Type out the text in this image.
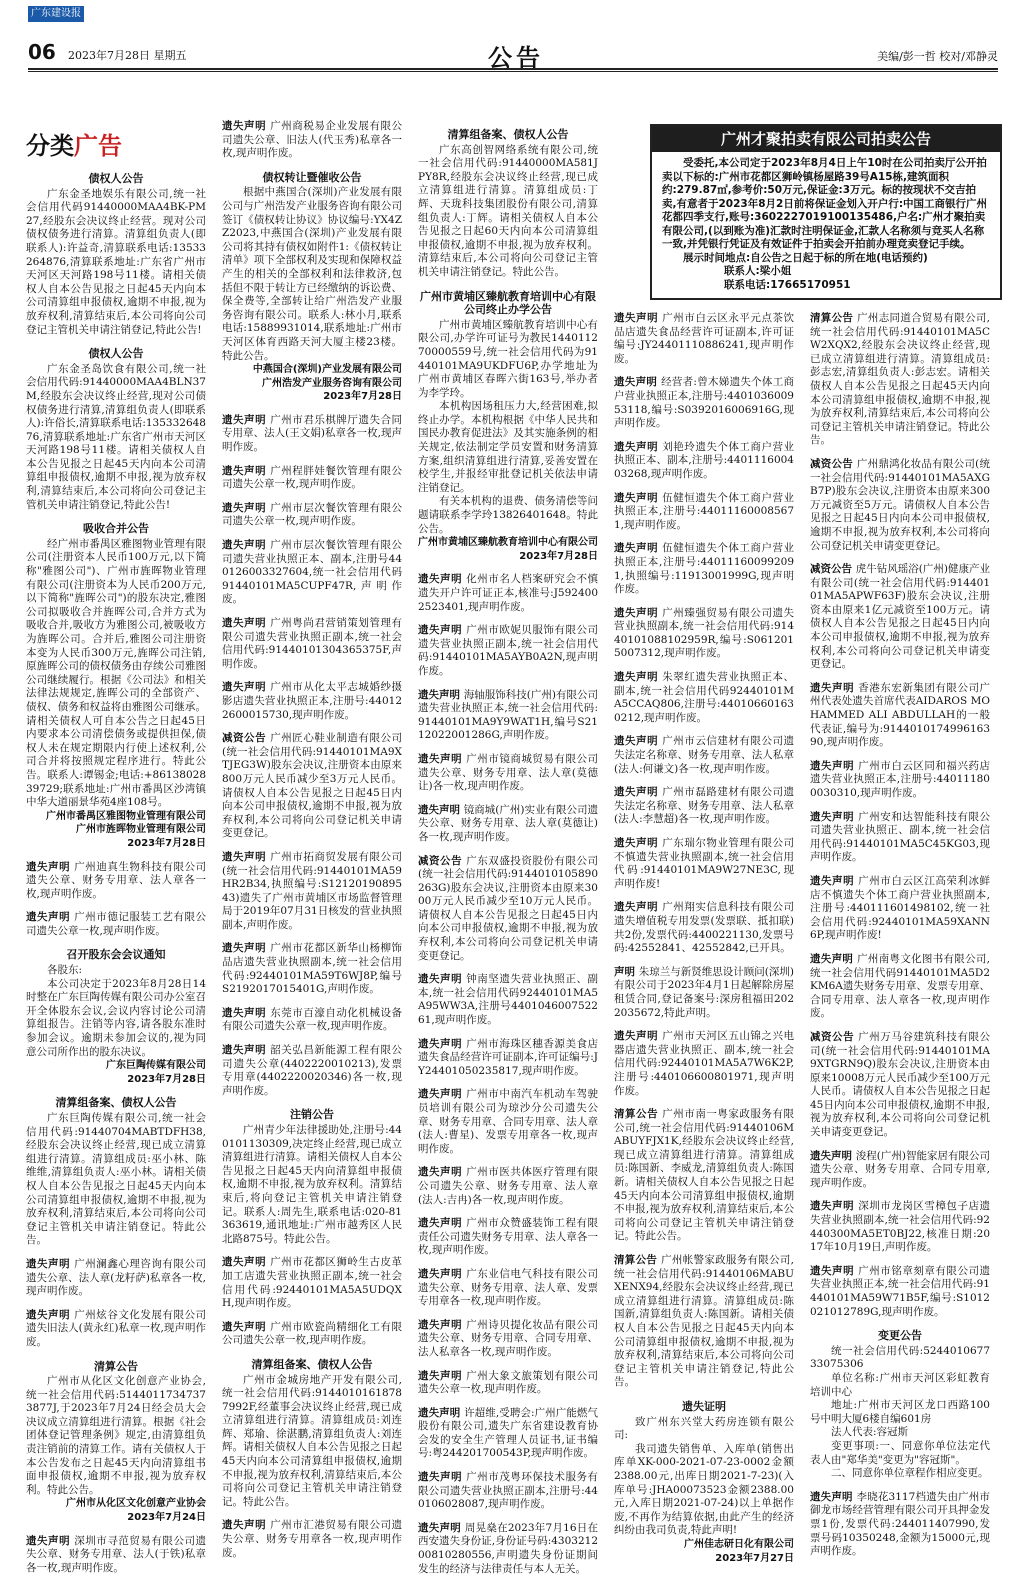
广东建设报
06 2023年7月28日 星期五	公告	美编/彭一哲 校对/邓静灵
分类广告	广州才聚拍卖有限公司拍卖公告

受委托,本公司定于2023年8月4日上午10时在公司拍卖厅公开拍卖以下标的:广州市花都区狮岭镇杨屋路39号A15栋,建筑面积约:279.87㎡,参考价:50万元,保证金:3万元。标的按现状不交吉拍卖,有意者于2023年8月2日前将保证金划入开户行:中国工商银行广州花都四季支行,账号:3602227019100135486,户名:广州才聚拍卖有限公司,(以到账为准)汇款时注明保证金,汇款人名称须与竞买人名称一致,并凭银行凭证及有效证件于拍卖会开拍前办理竞卖登记手续。

展示时间地点:自公告之日起于标的所在地(电话预约)

联系人:梁小姐
联系电话:17665170951
债权人公告

广东金圣地娱乐有限公司,统一社会信用代码91440000MAA4BK-PM27,经股东会决议终止经营。现对公司债权债务进行清算。清算组负责人(即联系人):许益奇,清算联系电话:13533264876,清算联系地址:广东省广州市天河区天河路198号11楼。请相关债权人自本公告见报之日起45天内向本公司清算组申报债权,逾期不申报,视为放弃权利,清算结束后,本公司将向公司登记主管机关申请注销登记,特此公告!

债权人公告

广东金圣岛饮食有限公司,统一社会信用代码:91440000MAA4BLN37M,经股东会决议终止经营,现对公司债权债务进行清算,清算组负责人(即联系人):许俗长,清算联系电话:13533264876,清算联系地址:广东省广州市天河区天河路198号11楼。请相关债权人自本公告见报之日起45天内向本公司清算组申报债权,逾期不申报,视为放弃权利,清算结束后,本公司将向公司登记主管机关申请注销登记,特此公告!

吸收合并公告

经广州市番禺区雅图物业管理有限公司(注册资本人民币100万元,以下简称"雅图公司")、广州市旌晖物业管理有限公司(注册资本为人民币200万元,以下简称"旌晖公司")的股东决定,雅图公司拟吸收合并旌晖公司,合并方式为吸收合并,吸收方为雅图公司,被吸收方为旌晖公司。合并后,雅图公司注册资本变为人民币300万元,旌晖公司注销,原旌晖公司的债权债务由存续公司雅图公司继续履行。根据《公司法》和相关法律法规规定,旌晖公司的全部资产、债权、债务和权益将由雅图公司继承。请相关债权人可自本公告之日起45日内要求本公司清偿债务或提供担保,债权人未在规定期限内行使上述权利,公司合并将按照规定程序进行。特此公告。联系人:谭锡金;电话:+8613802839729;联系地址:广州市番禺区沙湾镇中华大道丽景华苑4座108号。

广州市番禺区雅图物业管理有限公司

广州市旌晖物业管理有限公司

2023年7月28日

遗失声明 广州迪真生物科技有限公司遗失公章、财务专用章、法人章各一枚,现声明作废。

遗失声明 广州市德记服装工艺有限公司遗失公章一枚,现声明作废。

召开股东会会议通知

各股东:

本公司决定于2023年8月28日14时整在广东巨陶传媒有限公司办公室召开全体股东会议,会议内容讨论公司清算组报告。注销等内容,请各股东准时参加会议。逾期未参加会议的,视为同意公司所作出的股东决议。

广东巨陶传媒有限公司

2023年7月28日

清算组备案、债权人公告

广东巨陶传媒有限公司,统一社会信用代码:91440704MABTDFH38,经股东会决议终止经营,现已成立清算组进行清算。清算组成员:巫小林、陈维维,清算组负责人:巫小林。请相关债权人自本公告见报之日起45天内向本公司清算组申报债权,逾期不申报,视为放弃权利,清算结束后,本公司将向公司登记主管机关申请注销登记。特此公告。

遗失声明 广州澜鑫心理咨询有限公司遗失公章、法人章(龙籽萨)私章各一枚,现声明作废。

遗失声明 广州炫谷文化发展有限公司遗失旧法人(黄永红)私章一枚,现声明作废。

清算公告

广州市从化区文化创意产业协会,统一社会信用代码:51440117347373877J,于2023年7月24日经会员大会决议成立清算组进行清算。根据《社会团体登记管理条例》规定,由清算组负责注销前的清算工作。请有关债权人于本公告发布之日起45天内向清算组书面申报债权,逾期不申报,视为放弃权利。特此公告。

广州市从化区文化创意产业协会

2023年7月24日

遗失声明 深圳市寻范贸易有限公司遗失公章、财务专用章、法人(于铁)私章各一枚,现声明作废。

遗失声明 广州商税易企业发展有限公司遗失公章、旧法人(代玉秀)私章各一枚,现声明作废。

债权转让暨催收公告

根据中燕国合(深圳)产业发展有限公司与广州浩发产业服务咨询有限公司签订《债权转让协议》协议编号:YX4ZZ2023,中燕国合(深圳)产业发展有限公司将其持有债权如附件1:《债权转让清单》项下全部权利及实现和保障权益产生的相关的全部权利和法律救济,包括但不限于转让方已经缴纳的诉讼费、保全费等,全部转让给广州浩发产业服务咨询有限公司。联系人:林小月,联系电话:15889931014,联系地址:广州市天河区体育西路天河大厦主楼23楼。特此公告。

中燕国合(深圳)产业发展有限公司

广州浩发产业服务咨询有限公司

2023年7月28日

遗失声明 广州市君乐棋牌厅遗失合同专用章、法人(王文娟)私章各一枚,现声明作废。

遗失声明 广州程胖娃餐饮管理有限公司遗失公章一枚,现声明作废。

遗失声明 广州市层次餐饮管理有限公司遗失公章一枚,现声明作废。

遗失声明 广州市层次餐饮管理有限公司遗失营业执照正本、副本,注册号440126003327604,统一社会信用代码91440101MA5CUPF47R,声明作废。

遗失声明 广州粤尚君营销策划管理有限公司遗失营业执照正副本,统一社会信用代码:91440101304365375F,声明作废。

遗失声明 广州市从化太平志城婚纱摄影店遗失营业执照正本,注册号:440122600015730,现声明作废。

减资公告 广州匠心鞋业制造有限公司(统一社会信用代码:91440101MA9XTJEG3W)股东会决议,注册资本由原来800万元人民币减少至3万元人民币。请债权人自本公告见报之日起45日内向本公司申报债权,逾期不申报,视为放弃权利,本公司将向公司登记机关申请变更登记。

遗失声明 广州市拓商贸发展有限公司(统一社会信用代码:91440101MA59HR2B34,执照编号:S1212019089543)遗失了广州市黄埔区市场监督管理局于2019年07月31日核发的营业执照副本,声明作废。

遗失声明 广州市花都区新华山杨柳饰品店遗失营业执照副本,统一社会信用代码:92440101MA59T6WJ8P,编号S2192017015401G,声明作废。

遗失声明 东莞市百濠自动化机械设备有限公司遗失公章一枚,现声明作废。

遗失声明 韶关弘昌新能源工程有限公司遗失公章(4402220010213),发票专用章(4402220020346)各一枚,现声明作废。

注销公告

广州青少年法律援助处,注册号:440101130309,决定终止经营,现已成立清算组进行清算。请相关债权人自本公告见报之日起45天内向清算组申报债权,逾期不申报,视为放弃权利。清算结束后,将向登记主管机关申请注销登记。联系人:周先生,联系电话:020-81363619,通讯地址:广州市越秀区人民北路875号。特此公告。

遗失声明 广州市花都区狮岭生古皮革加工店遗失营业执照正副本,统一社会信用代码:92440101MA5A5UDQXH,现声明作废。

遗失声明 广州市欧瓷尚精细化工有限公司遗失公章一枚,现声明作废。

清算组备案、债权人公告

广州市金城房地产开发有限公司,统一社会信用代码:91440101618787992F,经董事会决议终止经营,现已成立清算组进行清算。清算组成员:刘连辉、郑瑜、徐湛鹏,清算组负责人:刘连辉。请相关债权人自本公告见报之日起45天内向本公司清算组申报债权,逾期不申报,视为放弃权利,清算结束后,本公司将向公司登记主管机关申请注销登记。特此公告。

遗失声明 广州市汇港贸易有限公司遗失公章、财务专用章各一枚,现声明作废。

清算组备案、债权人公告

广东高创智网络系统有限公司,统一社会信用代码:91440000MA581JPY8R,经股东会决议终止经营,现已成立清算组进行清算。清算组成员:丁辉、天珑科技集团股份有限公司,清算组负责人:丁辉。请相关债权人自本公告见报之日起60天内向本公司清算组申报债权,逾期不申报,视为放弃权利。清算结束后,本公司将向公司登记主管机关申请注销登记。特此公告。

广州市黄埔区臻航教育培训中心有限公司终止办学公告

广州市黄埔区臻航教育培训中心有限公司,办学许可证号为教民144011270000559号,统一社会信用代码为91440101MA9UKDFU6P,办学地址为广州市黄埔区春晖六街163号,举办者为李学玲。

本机构因场租压力大,经营困难,拟终止办学。本机构根据《中华人民共和国民办教育促进法》及其实施条例的相关规定,依法制定学员安置和财务清算方案,组织清算组进行清算,妥善安置在校学生,并报经审批登记机关依法申请注销登记。

有关本机构的退费、债务清偿等问题请联系李学玲13826401648。特此公告。

广州市黄埔区臻航教育培训中心有限公司

2023年7月28日

遗失声明 化州市名人档案研究会不慎遗失开户许可证正本,核准号:J5924002523401,现声明作废。

遗失声明 广州市欧妮贝服饰有限公司遗失营业执照正副本,统一社会信用代码:91440101MA5AYB0A2N,现声明作废。

遗失声明 海轴服饰科技(广州)有限公司遗失营业执照正本,统一社会信用代码:91440101MA9Y9WAT1H,编号S2112022001286G,声明作废。

遗失声明 广州市镜商城贸易有限公司遗失公章、财务专用章、法人章(莫德让)各一枚,现声明作废。

遗失声明 镜商城(广州)实业有限公司遗失公章、财务专用章、法人章(莫德让)各一枚,现声明作废。

减资公告 广东双盛投资股份有限公司(统一社会信用代码:9144010105890263G)股东会决议,注册资本由原来3000万元人民币减少至10万元人民币。请债权人自本公告见报之日起45日内向本公司申报债权,逾期不申报,视为放弃权利,本公司将向公司登记机关申请变更登记。

遗失声明 钟南坚遗失营业执照正、副本,统一社会信用代码92440101MA5A95WW3A,注册号440104600752261,现声明作废。

遗失声明 广州市海珠区穗香源美食店遗失食品经营许可证副本,许可证编号:JY24401050235817,现声明作废。

遗失声明 广州市中南汽车机动车驾驶员培训有限公司为琼沙分公司遗失公章、财务专用章、合同专用章、法人章(法人:曹星)、发票专用章各一枚,现声明作废。

遗失声明 广州市医共体医疗管理有限公司遗失公章、财务专用章、法人章(法人:吉冉)各一枚,现声明作废。

遗失声明 广州市众赞盛装饰工程有限责任公司遗失财务专用章、法人章各一枚,现声明作废。

遗失声明 广东业信电气科技有限公司遗失公章、财务专用章、法人章、发票专用章各一枚,现声明作废。

遗失声明 广州诗贝提化妆品有限公司遗失公章、财务专用章、合同专用章、法人私章各一枚,现声明作废。

遗失声明 广州大象文旅策划有限公司遗失公章一枚,现声明作废。

遗失声明 许超维,受聘会:广州广能燃气股份有限公司,遗失广东省建设教育协会发的安全生产管理人员证书,证书编号:粤244201700543P,现声明作废。

遗失声明 广州市茂粤环保技术服务有限公司遗失营业执照正副本,注册号:440106028087,现声明作废。

遗失声明 周晃燊在2023年7月16日在西安遗失身份证,身份证号码:430321200810280556,声明遗失身份证期间发生的经济与法律责任与本人无关。

遗失声明 广州市白云区永平元点茶饮品店遗失食品经营许可证副本,许可证编号:JY24401110886241,现声明作废。

遗失声明 经营者:曾木娣遗失个体工商户营业执照正本,注册号:440103600953118,编号:S0392016006916G,现声明作废。

遗失声明 刘艳玲遗失个体工商户营业执照正本、副本,注册号:440111600403268,现声明作废。

遗失声明 伍健恒遗失个体工商户营业执照正本,注册号:440111600085671,现声明作废。

遗失声明 伍健恒遗失个体工商户营业执照正本,注册号:440111600992091,执照编号:11913001999G,现声明作废。

遗失声明 广州臻强贸易有限公司遗失营业执照副本,统一社会信用代码:91440101088102959R,编号:S0612015007312,现声明作废。

遗失声明 朱翠红遗失营业执照正本、副本,统一社会信用代码92440101MA5CCAQ806,注册号:440106601630212,现声明作废。

遗失声明 广州市云信建材有限公司遗失法定名称章、财务专用章、法人私章(法人:何谦文)各一枚,现声明作废。

遗失声明 广州市磊路建材有限公司遗失法定名称章、财务专用章、法人私章(法人:李慧超)各一枚,现声明作废。

遗失声明 广东瑞尔物业管理有限公司不慎遗失营业执照副本,统一社会信用代码:91440101MA9W27NE3C,现声明作废!

遗失声明 广州翔实信息科技有限公司遗失增值税专用发票(发票联、抵扣联)共2份,发票代码:4400221130,发票号码:42552841、42552842,已开具。

声明 朱琼兰与新贤维思设计顾问(深圳)有限公司于2023年4月1日起解除房屋租赁合同,登记备案号:深房租福田2022035672,特此声明。

遗失声明 广州市天河区五山锦之兴电器店遗失营业执照正、副本,统一社会信用代码:92440101MA5A7W6K2P,注册号:440106600801971,现声明作废。

清算公告 广州市南一粤家政服务有限公司,统一社会信用代码:91440106MABUYFJX1K,经股东会决议终止经营,现已成立清算组进行清算。清算组成员:陈国新、李威龙,清算组负责人:陈国新。请相关债权人自本公告见报之日起45天内向本公司清算组申报债权,逾期不申报,视为放弃权利,清算结束后,本公司将向公司登记主管机关申请注销登记。特此公告。

清算公告 广州帐警家政服务有限公司,统一社会信用代码:91440106MABUXENX94,经股东会决议终止经营,现已成立清算组进行清算。清算组成员:陈国新,清算组负责人:陈国新。请相关债权人自本公告见报之日起45天内向本公司清算组申报债权,逾期不申报,视为放弃权利,清算结束后,本公司将向公司登记主管机关申请注销登记,特此公告。

遗失证明

致广州东兴堂大药房连锁有限公司:

我司遗失销售单、入库单(销售出库单XK-000-2021-07-23-0002金额2388.00元,出库日期2021-7-23)(入库单号:JHA00073523金额2388.00元,入库日期2021-07-24)以上单据作废,不再作为结算依据,由此产生的经济纠纷由我司负责,特此声明!

广州佳志研日化有限公司

2023年7月27日

清算公告 广州志同道合贸易有限公司,统一社会信用代码:91440101MA5CW2XQX2,经股东会决议终止经营,现已成立清算组进行清算。清算组成员:彭志宏,清算组负责人:彭志宏。请相关债权人自本公告见报之日起45天内向本公司清算组申报债权,逾期不申报,视为放弃权利,清算结束后,本公司将向公司登记主管机关申请注销登记。特此公告。

减资公告 广州鼎鸿化妆品有限公司(统一社会信用代码:91440101MA5AXGB7P)股东会决议,注册资本由原来300万元减资至5万元。请债权人自本公告见报之日起45日内向本公司申报债权,逾期不申报,视为放弃权利,本公司将向公司登记机关申请变更登记。

减资公告 虎牛钻风瑶浴(广州)健康产业有限公司(统一社会信用代码:91440101MA5APWF63F)股东会决议,注册资本由原来1亿元减资至100万元。请债权人自本公告见报之日起45日内向本公司申报债权,逾期不申报,视为放弃权利,本公司将向公司登记机关申请变更登记。

遗失声明 香港东宏新集团有限公司广州代表处遗失首席代表AIDAROS MOHAMMED ALI ABDULLAH的一般代表证,编号为:914401017499616390,现声明作废。

遗失声明 广州市白云区同和福兴药店遗失营业执照正本,注册号:440111800030310,现声明作废。

遗失声明 广州安和达智能科技有限公司遗失营业执照正、副本,统一社会信用代码:91440101MA5C45KG03,现声明作废。

遗失声明 广州市白云区江高荣利冰鲜店不慎遗失个体工商户营业执照副本,注册号:440111601498102,统一社会信用代码:92440101MA59XANN6P,现声明作废!

遗失声明 广州南粤文化图书有限公司,统一社会信用代码91440101MA5D2KM6A遗失财务专用章、发票专用章、合同专用章、法人章各一枚,现声明作废。

减资公告 广州万马谷建筑科技有限公司(统一社会信用代码:91440101MA9XTGRN9Q)股东会决议,注册资本由原来10008万元人民币减少至100万元人民币。请债权人自本公告见报之日起45日内向本公司申报债权,逾期不申报,视为放弃权利,本公司将向公司登记机关申请变更登记。

遗失声明 浚程(广州)智能家居有限公司遗失公章、财务专用章、合同专用章,现声明作废。

遗失声明 深圳市龙岗区雪樟包子店遗失营业执照副本,统一社会信用代码:92440300MA5ET0BJ22,核准日期:2017年10月19日,声明作废。

遗失声明 广州市铭章刻章有限公司遗失营业执照正本,统一社会信用代码:91440101MA59W71B5F,编号:S1012021012789G,现声明作废。

变更公告

统一社会信用代码:524401067733075306

单位名称:广州市天河区彩虹教育培训中心

地址:广州市天河区龙口西路100号中明大厦6楼自编601房

法人代表:容冠斯

变更事项:一、同意你单位法定代表人由"郑华美"变更为"容冠斯"。

二、同意你单位章程作相应变更。

遗失声明 李晓花3117档遗失由广州市御龙市场经营管理有限公司开具押金发票1份,发票代码:244011407990,发票号码10350248,金额为15000元,现声明作废。
